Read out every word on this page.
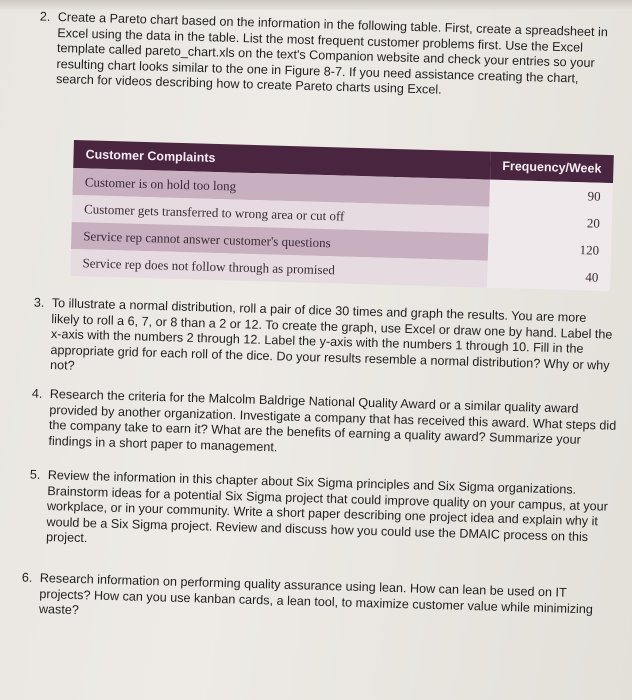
2. Create a Pareto chart based on the information in the following table. First, create a spreadsheet in Excel using the data in the table. List the most frequent customer problems first. Use the Excel template called pareto_chart.xls on the text's Companion website and check your entries so your resulting chart looks similar to the one in Figure 8-7. If you need assistance creating the chart, search for videos describing how to create Pareto charts using Excel.

Customer Complaints	Frequency/Week
Customer is on hold too long	90
Customer gets transferred to wrong area or cut off	20
Service rep cannot answer customer's questions	120
Service rep does not follow through as promised	40
3. To illustrate a normal distribution, roll a pair of dice 30 times and graph the results. You are more likely to roll a 6, 7, or 8 than a 2 or 12. To create the graph, use Excel or draw one by hand. Label the x-axis with the numbers 2 through 12. Label the y-axis with the numbers 1 through 10. Fill in the appropriate grid for each roll of the dice. Do your results resemble a normal distribution? Why or why not?

4. Research the criteria for the Malcolm Baldrige National Quality Award or a similar quality award provided by another organization. Investigate a company that has received this award. What steps did the company take to earn it? What are the benefits of earning a quality award? Summarize your findings in a short paper to management.

5. Review the information in this chapter about Six Sigma principles and Six Sigma organizations. Brainstorm ideas for a potential Six Sigma project that could improve quality on your campus, at your workplace, or in your community. Write a short paper describing one project idea and explain why it would be a Six Sigma project. Review and discuss how you could use the DMAIC process on this project.

6. Research information on performing quality assurance using lean. How can lean be used on IT projects? How can you use kanban cards, a lean tool, to maximize customer value while minimizing waste?
